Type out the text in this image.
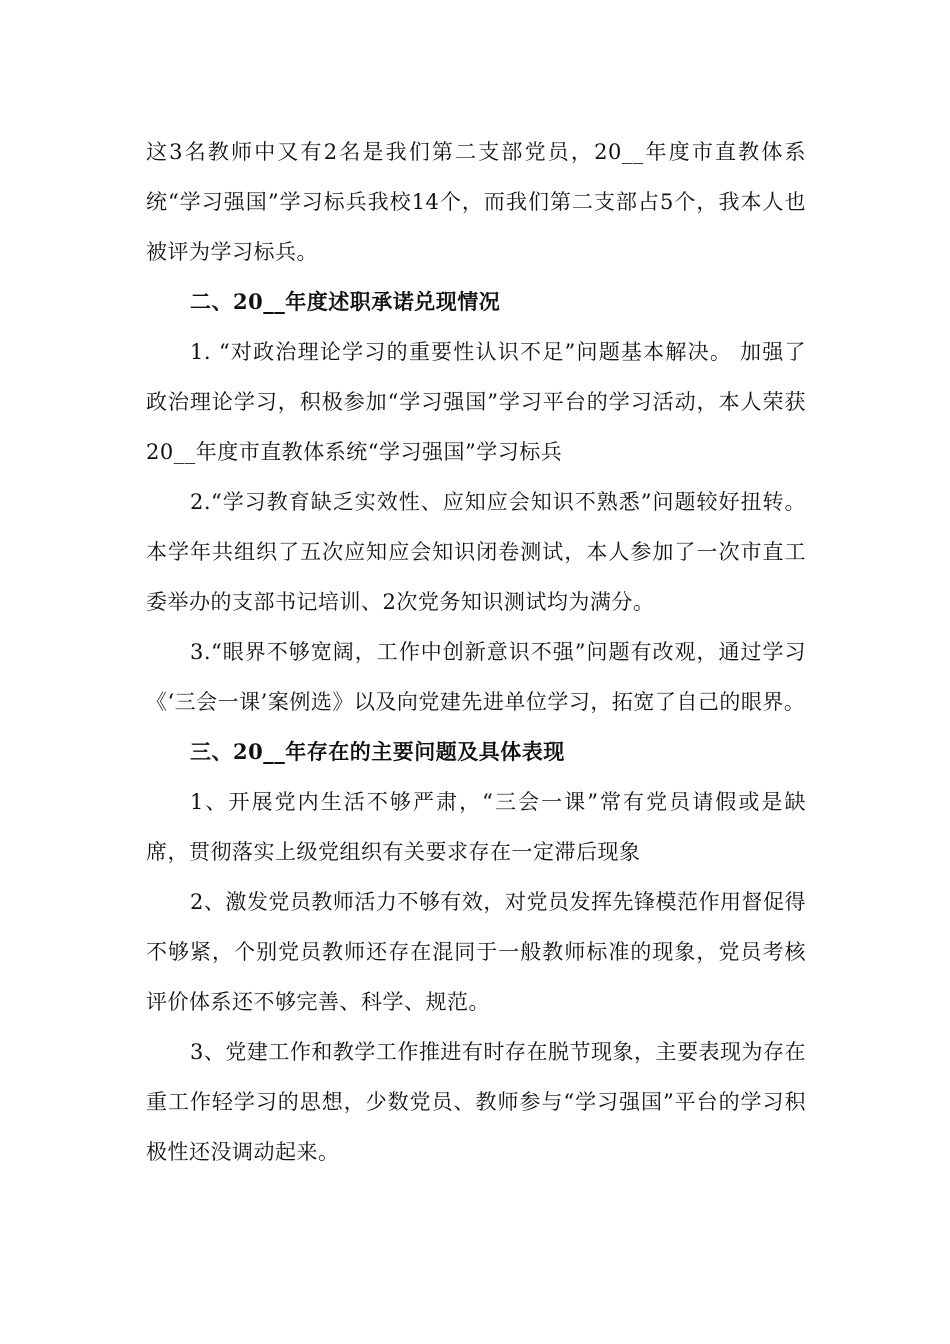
这3名教师中又有2名是我们第二支部党员，20__年度市直教体系统“学习强国”学习标兵我校14个，而我们第二支部占5个，我本人也被评为学习标兵。

二、20__年度述职承诺兑现情况

1. “对政治理论学习的重要性认识不足”问题基本解决。 加强了政治理论学习，积极参加“学习强国”学习平台的学习活动，本人荣获20__年度市直教体系统“学习强国”学习标兵

2.“学习教育缺乏实效性、应知应会知识不熟悉”问题较好扭转。本学年共组织了五次应知应会知识闭卷测试，本人参加了一次市直工委举办的支部书记培训、2次党务知识测试均为满分。

3.“眼界不够宽阔，工作中创新意识不强”问题有改观，通过学习《‘三会一课’案例选》以及向党建先进单位学习，拓宽了自己的眼界。

三、20__年存在的主要问题及具体表现

1、开展党内生活不够严肃，“三会一课”常有党员请假或是缺席，贯彻落实上级党组织有关要求存在一定滞后现象

2、激发党员教师活力不够有效，对党员发挥先锋模范作用督促得不够紧，个别党员教师还存在混同于一般教师标准的现象，党员考核评价体系还不够完善、科学、规范。

3、党建工作和教学工作推进有时存在脱节现象，主要表现为存在重工作轻学习的思想，少数党员、教师参与“学习强国”平台的学习积极性还没调动起来。
